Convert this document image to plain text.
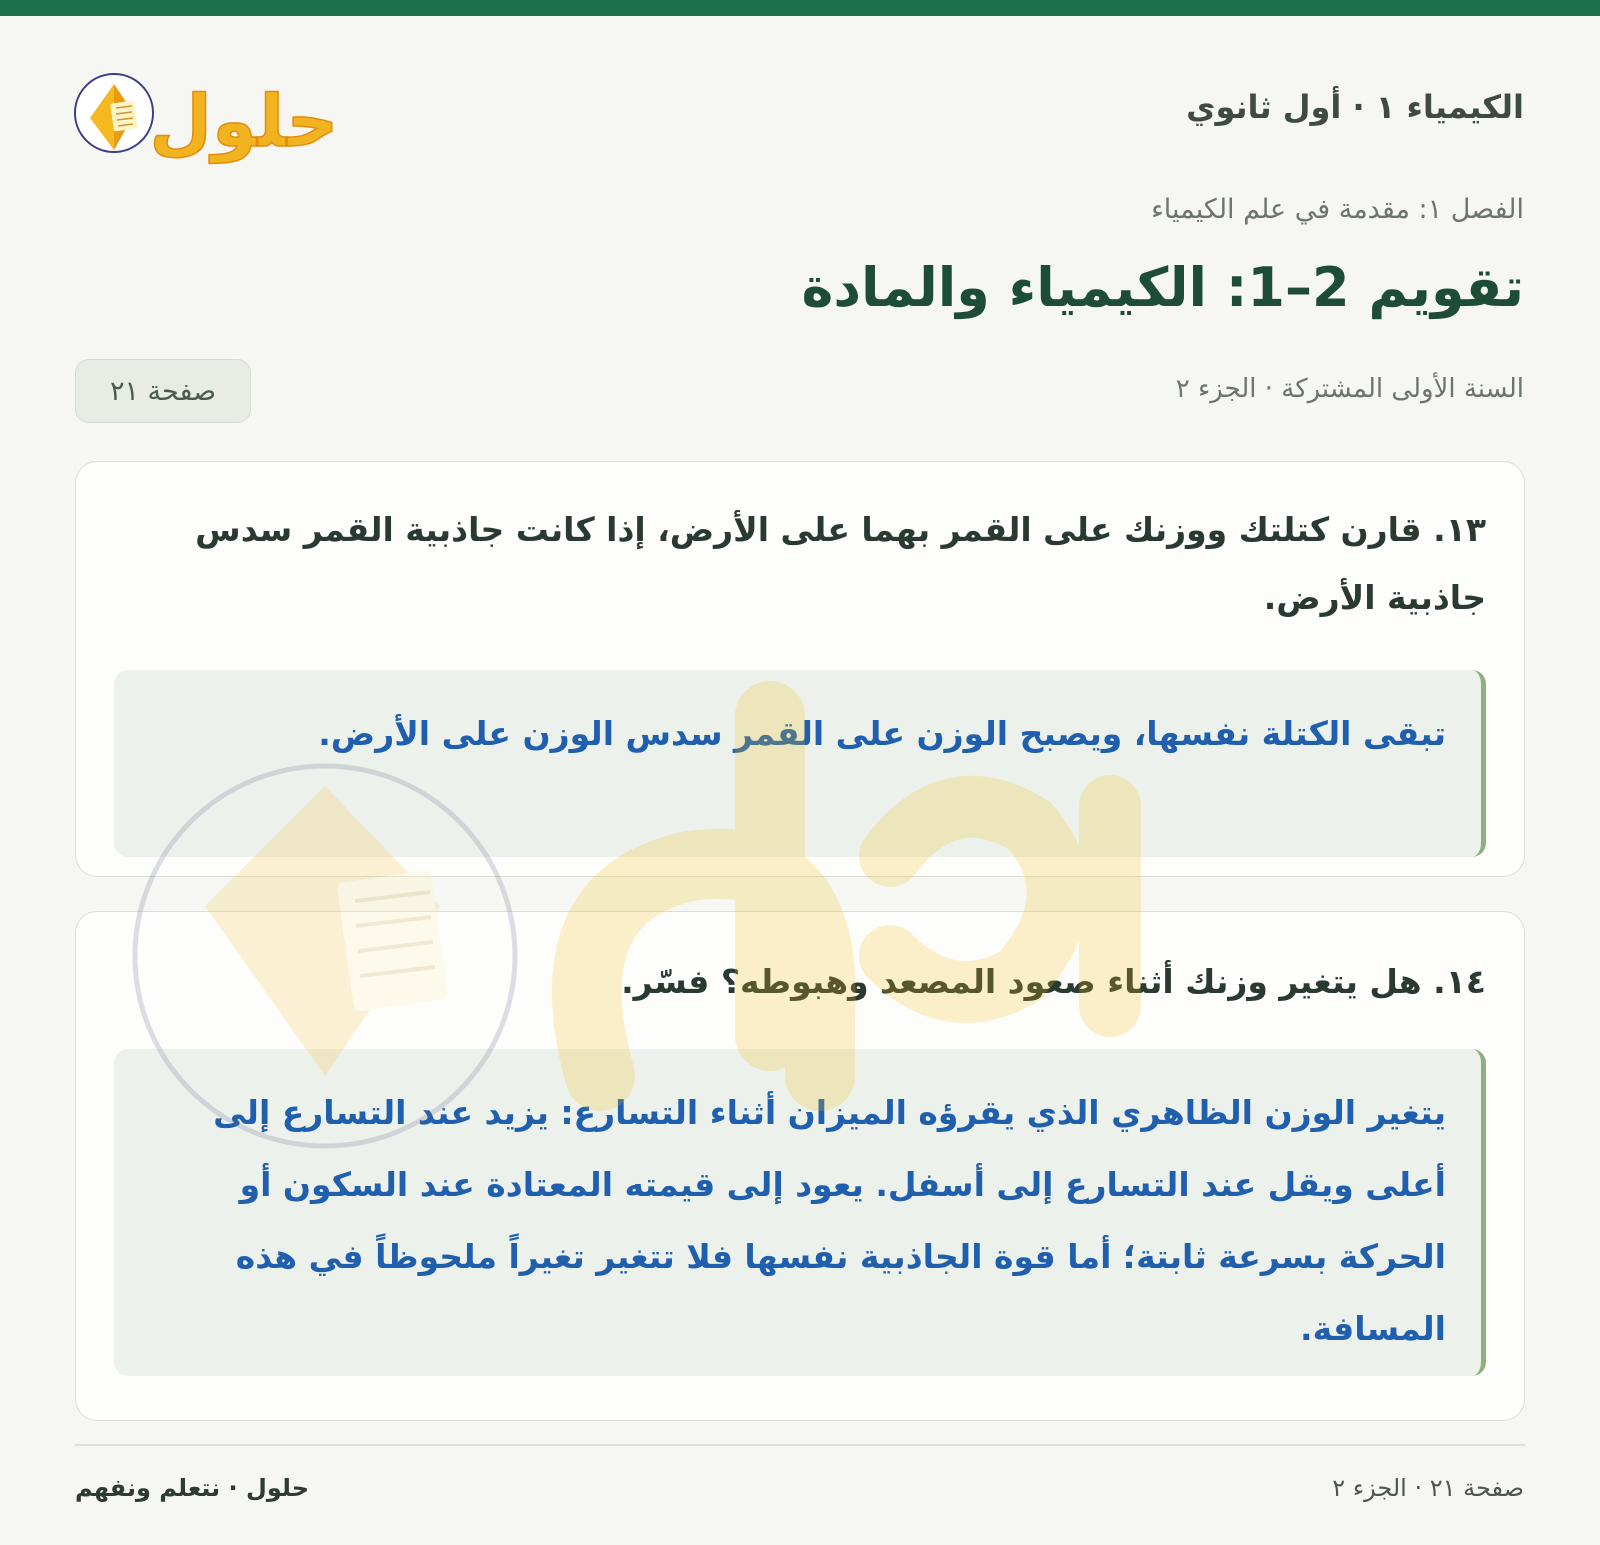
الكيمياء ١ · أول ثانوي
حلول
الفصل ١: مقدمة في علم الكيمياء
تقويم 2–1: الكيمياء والمادة
السنة الأولى المشتركة · الجزء ٢
صفحة ٢١
١٣. قارن كتلتك ووزنك على القمر بهما على الأرض، إذا كانت جاذبية القمر سدس جاذبية الأرض.
تبقى الكتلة نفسها، ويصبح الوزن على القمر سدس الوزن على الأرض.
١٤. هل يتغير وزنك أثناء صعود المصعد وهبوطه؟ فسّر.
يتغير الوزن الظاهري الذي يقرؤه الميزان أثناء التسارع: يزيد عند التسارع إلى أعلى ويقل عند التسارع إلى أسفل. يعود إلى قيمته المعتادة عند السكون أو الحركة بسرعة ثابتة؛ أما قوة الجاذبية نفسها فلا تتغير تغيراً ملحوظاً في هذه المسافة.
صفحة ٢١ · الجزء ٢
حلول · نتعلم ونفهم
